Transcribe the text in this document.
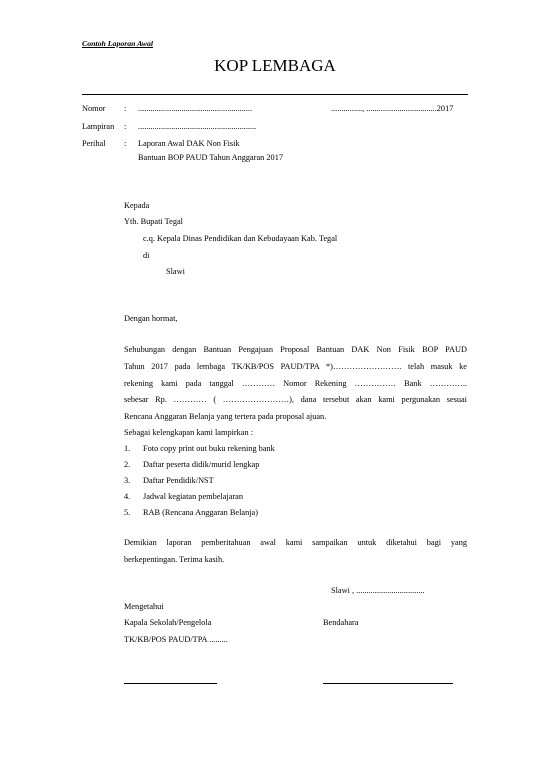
Contoh Laporan Awal
KOP LEMBAGA
Nomor : .......................................................	..............., ..................................2017
Lampiran : .........................................................
Perihal : Laporan Awal DAK Non Fisik
Bantuan BOP PAUD Tahun Anggaran 2017
Kepada
Yth. Bupati Tegal
c.q. Kepala Dinas Pendidikan dan Kebudayaan Kab. Tegal
di
Slawi
Dengan hormat,
Sehubungan dengan Bantuan Pengajuan Proposal Bantuan DAK Non Fisik BOP PAUD
Tahun 2017 pada lembaga TK/KB/POS PAUD/TPA *)……………………. telah masuk ke
rekening kami pada tanggal ………… Nomor Rekening …………… Bank …………..
sebesar Rp. ………… ( ……………………), dana tersebut akan kami pergunakan sesuai
Rencana Anggaran Belanja yang tertera pada proposal ajuan.
Sebagai kelengkapan kami lampirkan :
1. Foto copy print out buku rekening bank
2. Daftar peserta didik/murid lengkap
3. Daftar Pendidik/NST
4. Jadwal kegiatan pembelajaran
5. RAB (Rencana Anggaran Belanja)
Demikian laporan pemberitahuan awal kami sampaikan untuk diketahui bagi yang
berkepentingan. Terima kasih.
Slawi , .................................
Mengetahui
Kapala Sekolah/Pengelola	Bendahara
TK/KB/POS PAUD/TPA .........
